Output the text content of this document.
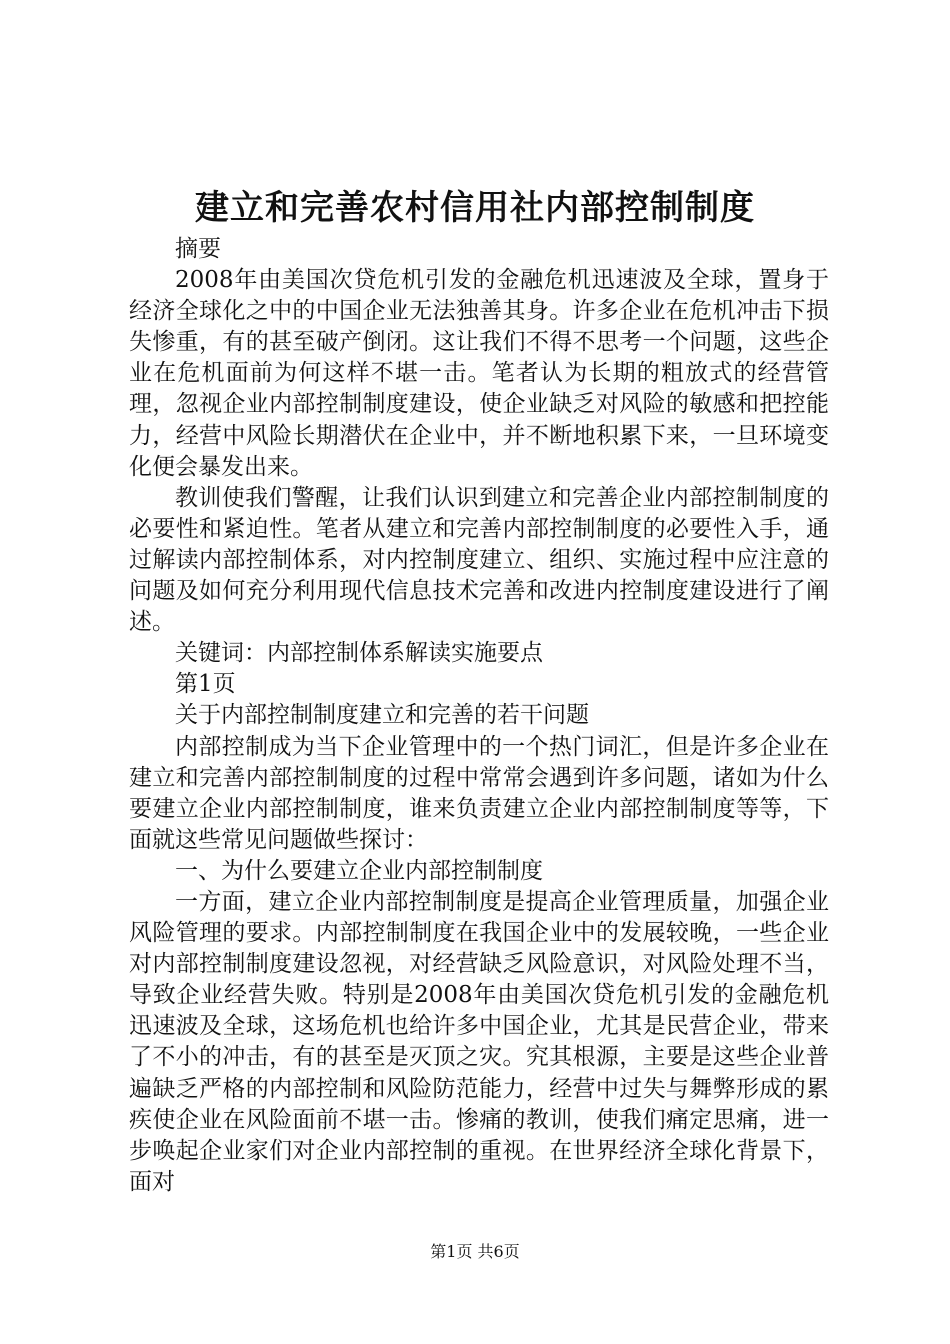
建立和完善农村信用社内部控制制度

摘要

2008年由美国次贷危机引发的金融危机迅速波及全球，置身于经济全球化之中的中国企业无法独善其身。许多企业在危机冲击下损失惨重，有的甚至破产倒闭。这让我们不得不思考一个问题，这些企业在危机面前为何这样不堪一击。笔者认为长期的粗放式的经营管理，忽视企业内部控制制度建设，使企业缺乏对风险的敏感和把控能力，经营中风险长期潜伏在企业中，并不断地积累下来，一旦环境变化便会暴发出来。

教训使我们警醒，让我们认识到建立和完善企业内部控制制度的必要性和紧迫性。笔者从建立和完善内部控制制度的必要性入手，通过解读内部控制体系，对内控制度建立、组织、实施过程中应注意的问题及如何充分利用现代信息技术完善和改进内控制度建设进行了阐述。

关键词：内部控制体系解读实施要点

第1页

关于内部控制制度建立和完善的若干问题

内部控制成为当下企业管理中的一个热门词汇，但是许多企业在建立和完善内部控制制度的过程中常常会遇到许多问题，诸如为什么要建立企业内部控制制度，谁来负责建立企业内部控制制度等等，下面就这些常见问题做些探讨：

一、为什么要建立企业内部控制制度

一方面，建立企业内部控制制度是提高企业管理质量，加强企业风险管理的要求。内部控制制度在我国企业中的发展较晚，一些企业对内部控制制度建设忽视，对经营缺乏风险意识，对风险处理不当，导致企业经营失败。特别是2008年由美国次贷危机引发的金融危机迅速波及全球，这场危机也给许多中国企业，尤其是民营企业，带来了不小的冲击，有的甚至是灭顶之灾。究其根源，主要是这些企业普遍缺乏严格的内部控制和风险防范能力，经营中过失与舞弊形成的累疾使企业在风险面前不堪一击。惨痛的教训，使我们痛定思痛，进一步唤起企业家们对企业内部控制的重视。在世界经济全球化背景下，面对

第1页 共6页
